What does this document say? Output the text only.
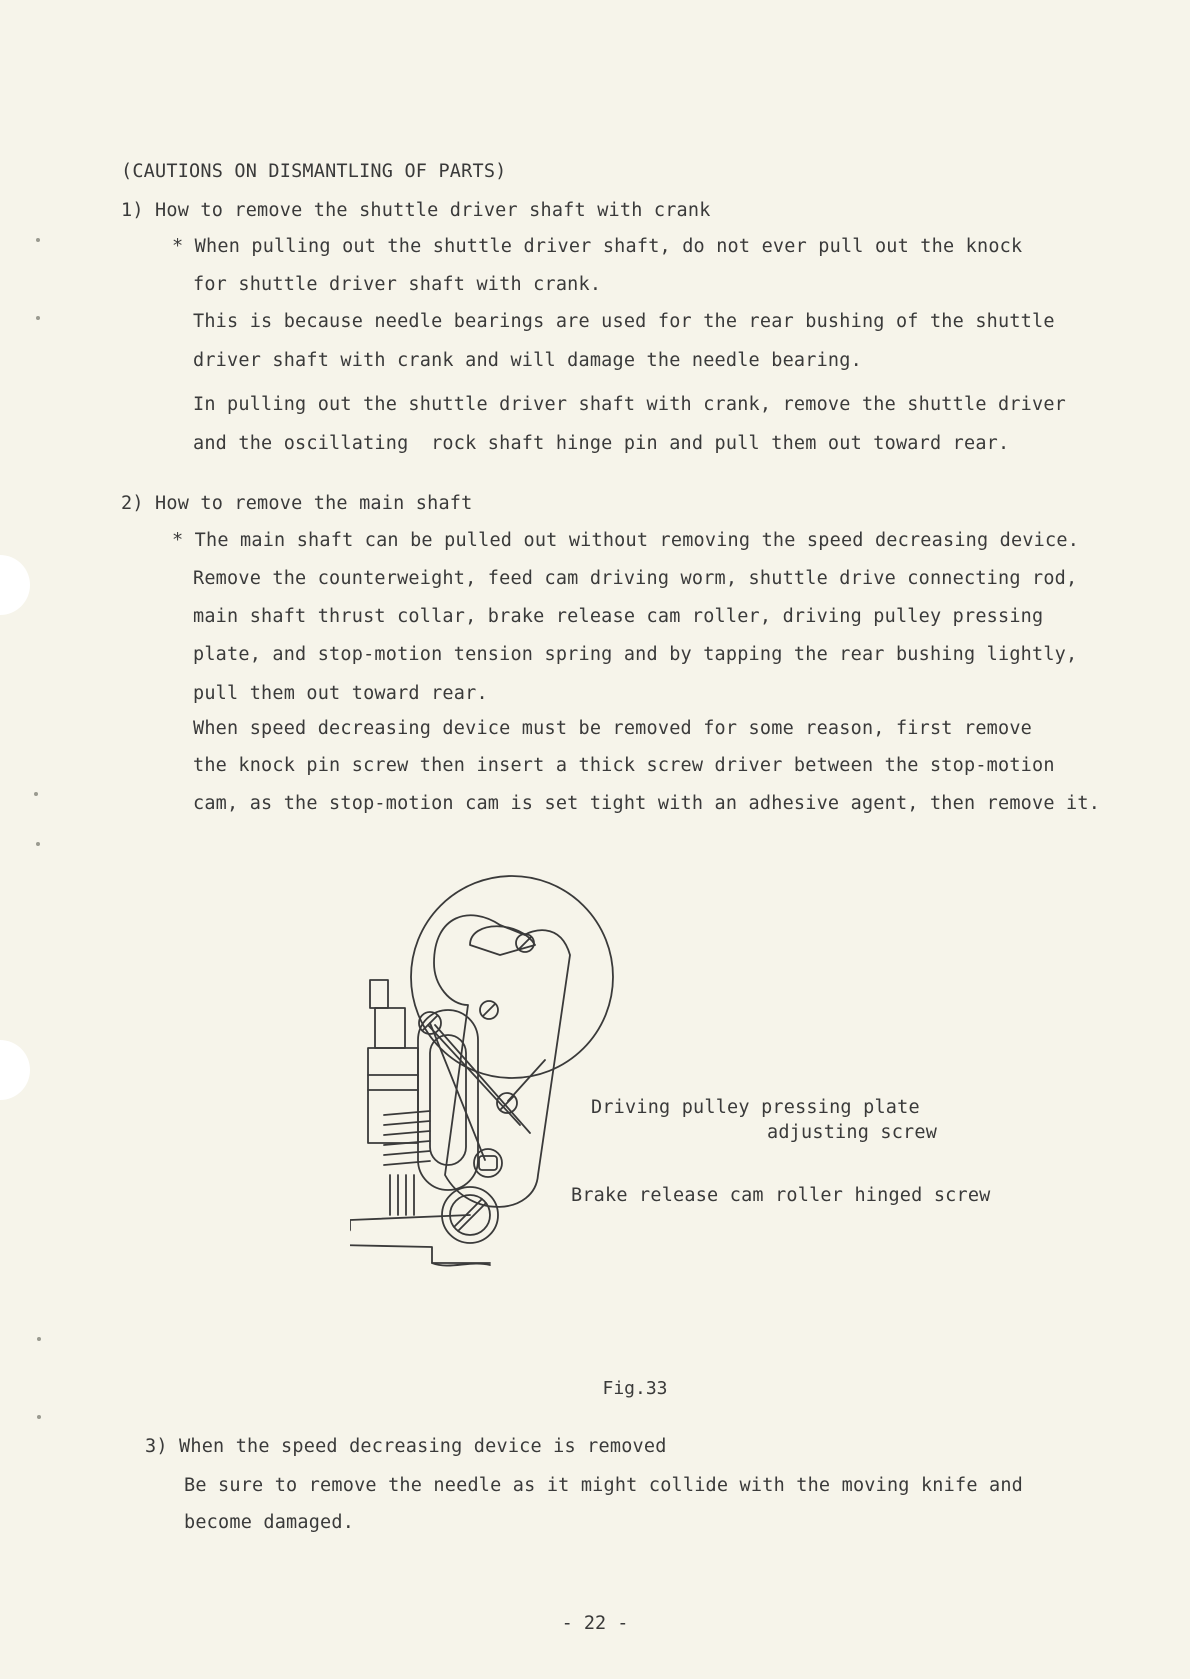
(CAUTIONS ON DISMANTLING OF PARTS)
1) How to remove the shuttle driver shaft with crank
* When pulling out the shuttle driver shaft, do not ever pull out the knock
for shuttle driver shaft with crank.
This is because needle bearings are used for the rear bushing of the shuttle
driver shaft with crank and will damage the needle bearing.
In pulling out the shuttle driver shaft with crank, remove the shuttle driver
and the oscillating  rock shaft hinge pin and pull them out toward rear.
2) How to remove the main shaft
* The main shaft can be pulled out without removing the speed decreasing device.
Remove the counterweight, feed cam driving worm, shuttle drive connecting rod,
main shaft thrust collar, brake release cam roller, driving pulley pressing
plate, and stop-motion tension spring and by tapping the rear bushing lightly,
pull them out toward rear.
When speed decreasing device must be removed for some reason, first remove
the knock pin screw then insert a thick screw driver between the stop-motion
cam, as the stop-motion cam is set tight with an adhesive agent, then remove it.
Driving pulley pressing plate
adjusting screw
Brake release cam roller hinged screw
Fig.33
3) When the speed decreasing device is removed
Be sure to remove the needle as it might collide with the moving knife and
become damaged.
- 22 -
